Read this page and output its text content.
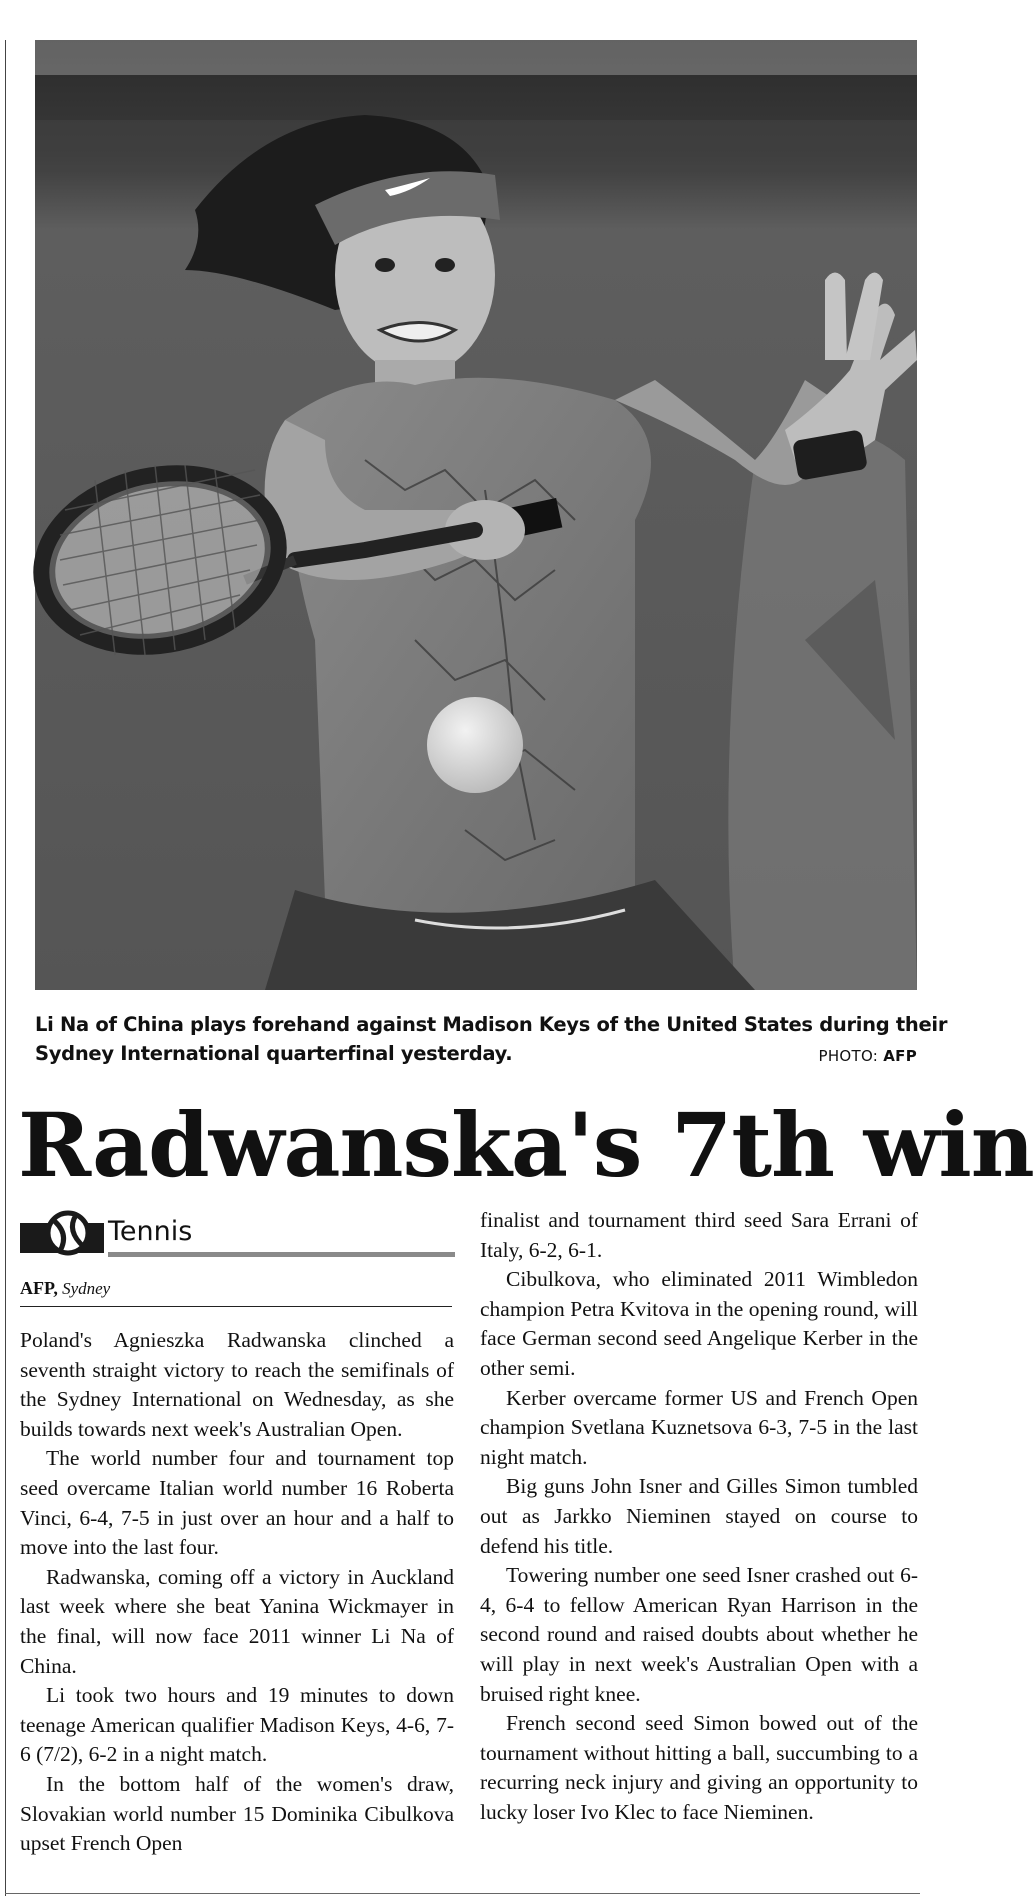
Li Na of China plays forehand against Madison Keys of the United States during their
Sydney International quarterfinal yesterday.	PHOTO: AFP
Radwanska's 7th win
Tennis
AFP, Sydney

Poland's Agnieszka Radwanska clinched a seventh straight victory to reach the semifinals of the Sydney International on Wednesday, as she builds towards next week's Australian Open.

The world number four and tournament top seed overcame Italian world number 16 Roberta Vinci, 6-4, 7-5 in just over an hour and a half to move into the last four.

Radwanska, coming off a victory in Auckland last week where she beat Yanina Wickmayer in the final, will now face 2011 winner Li Na of China.

Li took two hours and 19 minutes to down teenage American qualifier Madison Keys, 4-6, 7-6 (7/2), 6-2 in a night match.

In the bottom half of the women's draw, Slovakian world number 15 Dominika Cibulkova upset French Open

finalist and tournament third seed Sara Errani of Italy, 6-2, 6-1.

Cibulkova, who eliminated 2011 Wimbledon champion Petra Kvitova in the opening round, will face German second seed Angelique Kerber in the other semi.

Kerber overcame former US and French Open champion Svetlana Kuznetsova 6-3, 7-5 in the last night match.

Big guns John Isner and Gilles Simon tumbled out as Jarkko Nieminen stayed on course to defend his title.

Towering number one seed Isner crashed out 6-4, 6-4 to fellow American Ryan Harrison in the second round and raised doubts about whether he will play in next week's Australian Open with a bruised right knee.

French second seed Simon bowed out of the tournament without hitting a ball, succumbing to a recurring neck injury and giving an opportunity to lucky loser Ivo Klec to face Nieminen.
